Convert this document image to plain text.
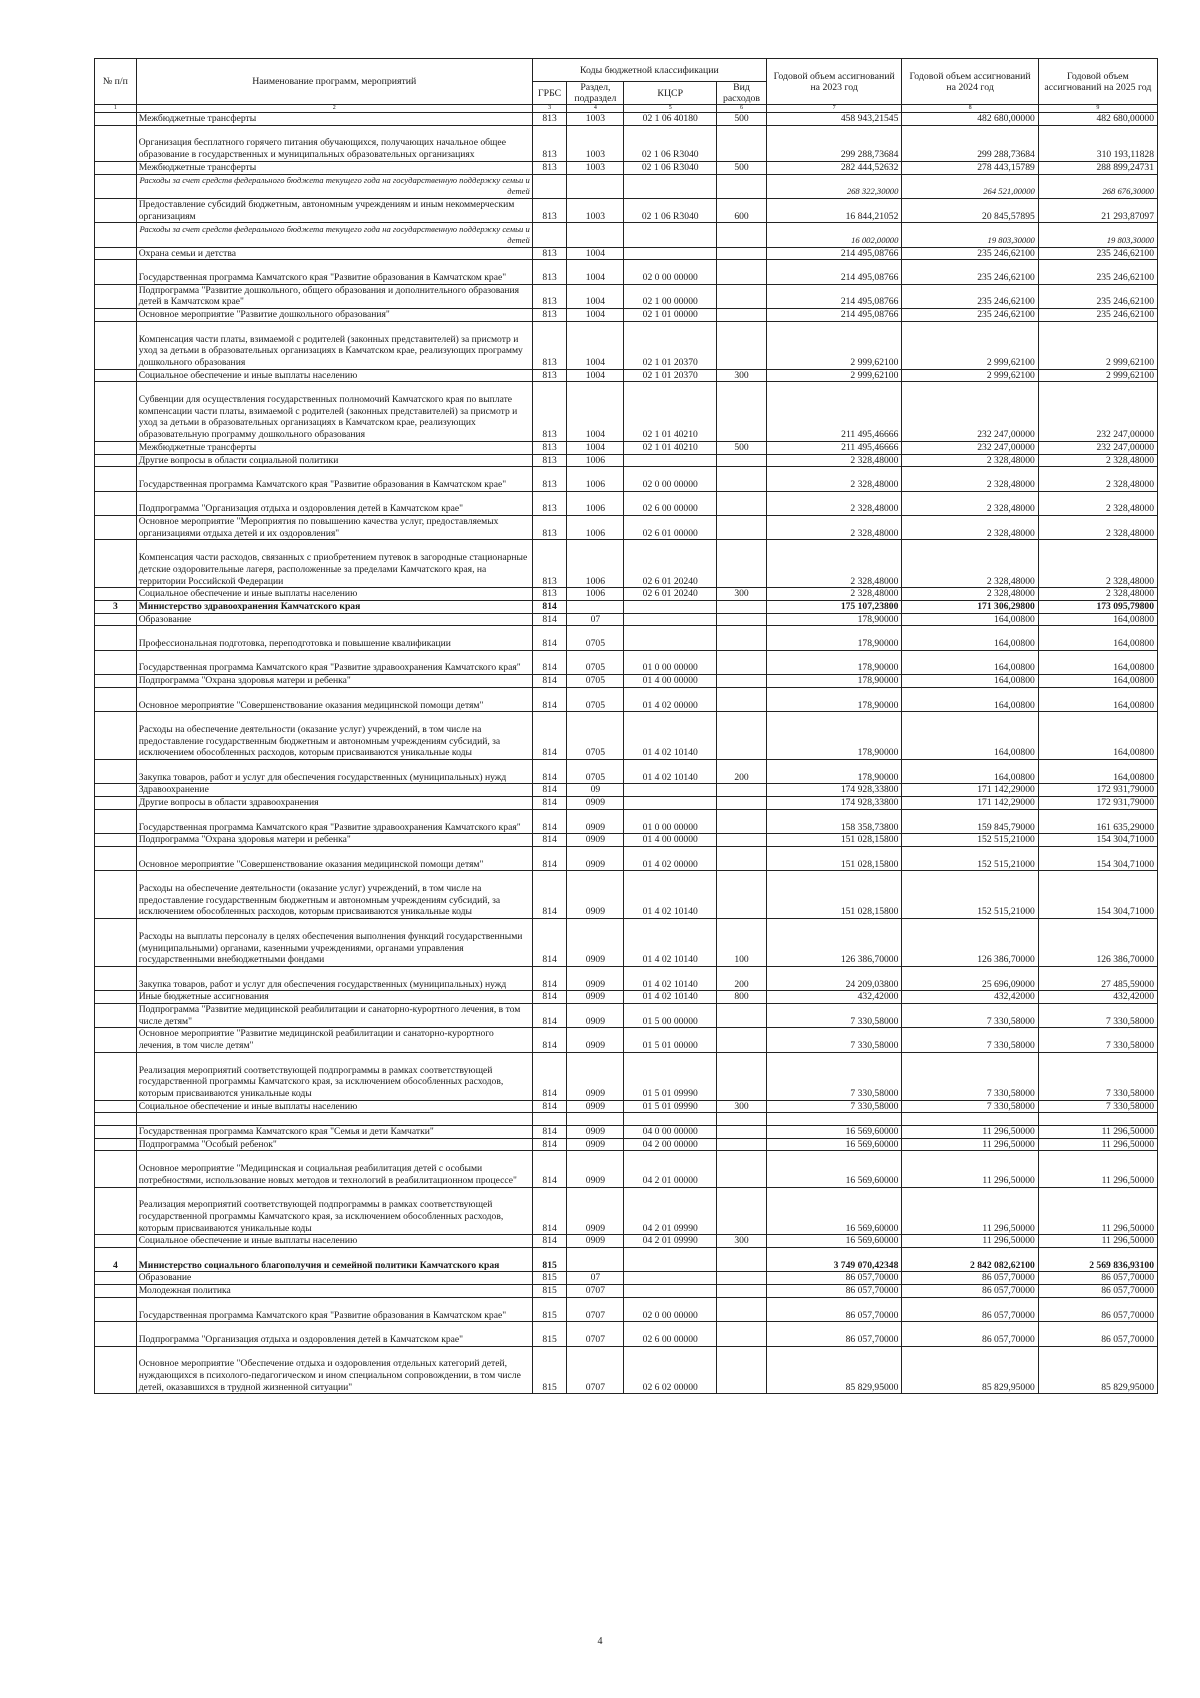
№ п/п	Наименование программ, мероприятий	Коды бюджетной классификации				Годовой объем ассигнований на 2023 год	Годовой объем ассигнований на 2024 год	Годовой объем ассигнований на 2025 год
		ГРБС	Раздел, подраздел	КЦСР	Вид расходов			
1	2	3	4	5	6	7	8	9
	Межбюджетные трансферты	813	1003	02 1 06 40180	500	458 943,21545	482 680,00000	482 680,00000
	Организация бесплатного горячего питания обучающихся, получающих начальное общее образование в государственных и муниципальных образовательных организациях	813	1003	02 1 06 R3040		299 288,73684	299 288,73684	310 193,11828
	Межбюджетные трансферты	813	1003	02 1 06 R3040	500	282 444,52632	278 443,15789	288 899,24731
	Расходы за счет средств федерального бюджета текущего года на государственную поддержку семьи и детей					268 322,30000	264 521,00000	268 676,30000
	Предоставление субсидий бюджетным, автономным учреждениям и иным некоммерческим организациям	813	1003	02 1 06 R3040	600	16 844,21052	20 845,57895	21 293,87097
	Расходы за счет средств федерального бюджета текущего года на государственную поддержку семьи и детей					16 002,00000	19 803,30000	19 803,30000
	Охрана семьи и детства	813	1004			214 495,08766	235 246,62100	235 246,62100
	Государственная программа Камчатского края "Развитие образования в Камчатском крае"	813	1004	02 0 00 00000		214 495,08766	235 246,62100	235 246,62100
	Подпрограмма "Развитие дошкольного, общего образования и дополнительного образования детей в Камчатском крае"	813	1004	02 1 00 00000		214 495,08766	235 246,62100	235 246,62100
	Основное мероприятие "Развитие дошкольного образования"	813	1004	02 1 01 00000		214 495,08766	235 246,62100	235 246,62100
	Компенсация части платы, взимаемой с родителей (законных представителей) за присмотр и уход за детьми в образовательных организациях в Камчатском крае, реализующих программу дошкольного образования	813	1004	02 1 01 20370		2 999,62100	2 999,62100	2 999,62100
	Социальное обеспечение и иные выплаты населению	813	1004	02 1 01 20370	300	2 999,62100	2 999,62100	2 999,62100
	Субвенции для осуществления государственных полномочий Камчатского края по выплате компенсации части платы, взимаемой с родителей (законных представителей) за присмотр и уход за детьми в образовательных организациях в Камчатском крае, реализующих образовательную программу дошкольного образования	813	1004	02 1 01 40210		211 495,46666	232 247,00000	232 247,00000
	Межбюджетные трансферты	813	1004	02 1 01 40210	500	211 495,46666	232 247,00000	232 247,00000
	Другие вопросы в области социальной политики	813	1006			2 328,48000	2 328,48000	2 328,48000
	Государственная программа Камчатского края "Развитие образования в Камчатском крае"	813	1006	02 0 00 00000		2 328,48000	2 328,48000	2 328,48000
	Подпрограмма "Организация отдыха и оздоровления детей в Камчатском крае"	813	1006	02 6 00 00000		2 328,48000	2 328,48000	2 328,48000
	Основное мероприятие "Мероприятия по повышению качества услуг, предоставляемых организациями отдыха детей и их оздоровления"	813	1006	02 6 01 00000		2 328,48000	2 328,48000	2 328,48000
	Компенсация части расходов, связанных с приобретением путевок в загородные стационарные детские оздоровительные лагеря, расположенные за пределами Камчатского края, на территории Российской Федерации	813	1006	02 6 01 20240		2 328,48000	2 328,48000	2 328,48000
	Социальное обеспечение и иные выплаты населению	813	1006	02 6 01 20240	300	2 328,48000	2 328,48000	2 328,48000
3	Министерство здравоохранения Камчатского края	814				175 107,23800	171 306,29800	173 095,79800
	Образование	814	07			178,90000	164,00800	164,00800
	Профессиональная подготовка, переподготовка и повышение квалификации	814	0705			178,90000	164,00800	164,00800
	Государственная программа Камчатского края "Развитие здравоохранения Камчатского края"	814	0705	01 0 00 00000		178,90000	164,00800	164,00800
	Подпрограмма "Охрана здоровья матери и ребенка"	814	0705	01 4 00 00000		178,90000	164,00800	164,00800
	Основное мероприятие "Совершенствование оказания медицинской помощи детям"	814	0705	01 4 02 00000		178,90000	164,00800	164,00800
	Расходы на обеспечение деятельности (оказание услуг) учреждений, в том числе на предоставление государственным бюджетным и автономным учреждениям субсидий, за исключением обособленных расходов, которым присваиваются уникальные коды	814	0705	01 4 02 10140		178,90000	164,00800	164,00800
	Закупка товаров, работ и услуг для обеспечения государственных (муниципальных) нужд	814	0705	01 4 02 10140	200	178,90000	164,00800	164,00800
	Здравоохранение	814	09			174 928,33800	171 142,29000	172 931,79000
	Другие вопросы в области здравоохранения	814	0909			174 928,33800	171 142,29000	172 931,79000
	Государственная программа Камчатского края "Развитие здравоохранения Камчатского края"	814	0909	01 0 00 00000		158 358,73800	159 845,79000	161 635,29000
	Подпрограмма "Охрана здоровья матери и ребенка"	814	0909	01 4 00 00000		151 028,15800	152 515,21000	154 304,71000
	Основное мероприятие "Совершенствование оказания медицинской помощи детям"	814	0909	01 4 02 00000		151 028,15800	152 515,21000	154 304,71000
	Расходы на обеспечение деятельности (оказание услуг) учреждений, в том числе на предоставление государственным бюджетным и автономным учреждениям субсидий, за исключением обособленных расходов, которым присваиваются уникальные коды	814	0909	01 4 02 10140		151 028,15800	152 515,21000	154 304,71000
	Расходы на выплаты персоналу в целях обеспечения выполнения функций государственными (муниципальными) органами, казенными учреждениями, органами управления государственными внебюджетными фондами	814	0909	01 4 02 10140	100	126 386,70000	126 386,70000	126 386,70000
	Закупка товаров, работ и услуг для обеспечения государственных (муниципальных) нужд	814	0909	01 4 02 10140	200	24 209,03800	25 696,09000	27 485,59000
	Иные бюджетные ассигнования	814	0909	01 4 02 10140	800	432,42000	432,42000	432,42000
	Подпрограмма "Развитие медицинской реабилитации и санаторно-курортного лечения, в том числе детям"	814	0909	01 5 00 00000		7 330,58000	7 330,58000	7 330,58000
	Основное мероприятие "Развитие медицинской реабилитации и санаторно-курортного лечения, в том числе детям"	814	0909	01 5 01 00000		7 330,58000	7 330,58000	7 330,58000
	Реализация мероприятий соответствующей подпрограммы в рамках соответствующей государственной программы Камчатского края, за исключением обособленных расходов, которым присваиваются уникальные коды	814	0909	01 5 01 09990		7 330,58000	7 330,58000	7 330,58000
	Социальное обеспечение и иные выплаты населению	814	0909	01 5 01 09990	300	7 330,58000	7 330,58000	7 330,58000

	Государственная программа Камчатского края "Семья и дети Камчатки"	814	0909	04 0 00 00000		16 569,60000	11 296,50000	11 296,50000
	Подпрограмма "Особый ребенок"	814	0909	04 2 00 00000		16 569,60000	11 296,50000	11 296,50000
	Основное мероприятие "Медицинская и социальная реабилитация детей с особыми потребностями, использование новых методов и технологий в реабилитационном процессе"	814	0909	04 2 01 00000		16 569,60000	11 296,50000	11 296,50000
	Реализация мероприятий соответствующей подпрограммы в рамках соответствующей государственной программы Камчатского края, за исключением обособленных расходов, которым присваиваются уникальные коды	814	0909	04 2 01 09990		16 569,60000	11 296,50000	11 296,50000
	Социальное обеспечение и иные выплаты населению	814	0909	04 2 01 09990	300	16 569,60000	11 296,50000	11 296,50000
4	Министерство социального благополучия и семейной политики Камчатского края	815				3 749 070,42348	2 842 082,62100	2 569 836,93100
	Образование	815	07			86 057,70000	86 057,70000	86 057,70000
	Молодежная политика	815	0707			86 057,70000	86 057,70000	86 057,70000
	Государственная программа Камчатского края "Развитие образования в Камчатском крае"	815	0707	02 0 00 00000		86 057,70000	86 057,70000	86 057,70000
	Подпрограмма "Организация отдыха и оздоровления детей в Камчатском крае"	815	0707	02 6 00 00000		86 057,70000	86 057,70000	86 057,70000
	Основное мероприятие "Обеспечение отдыха и оздоровления отдельных категорий детей, нуждающихся в психолого-педагогическом и ином специальном сопровождении, в том числе детей, оказавшихся в трудной жизненной ситуации"	815	0707	02 6 02 00000		85 829,95000	85 829,95000	85 829,95000
4
